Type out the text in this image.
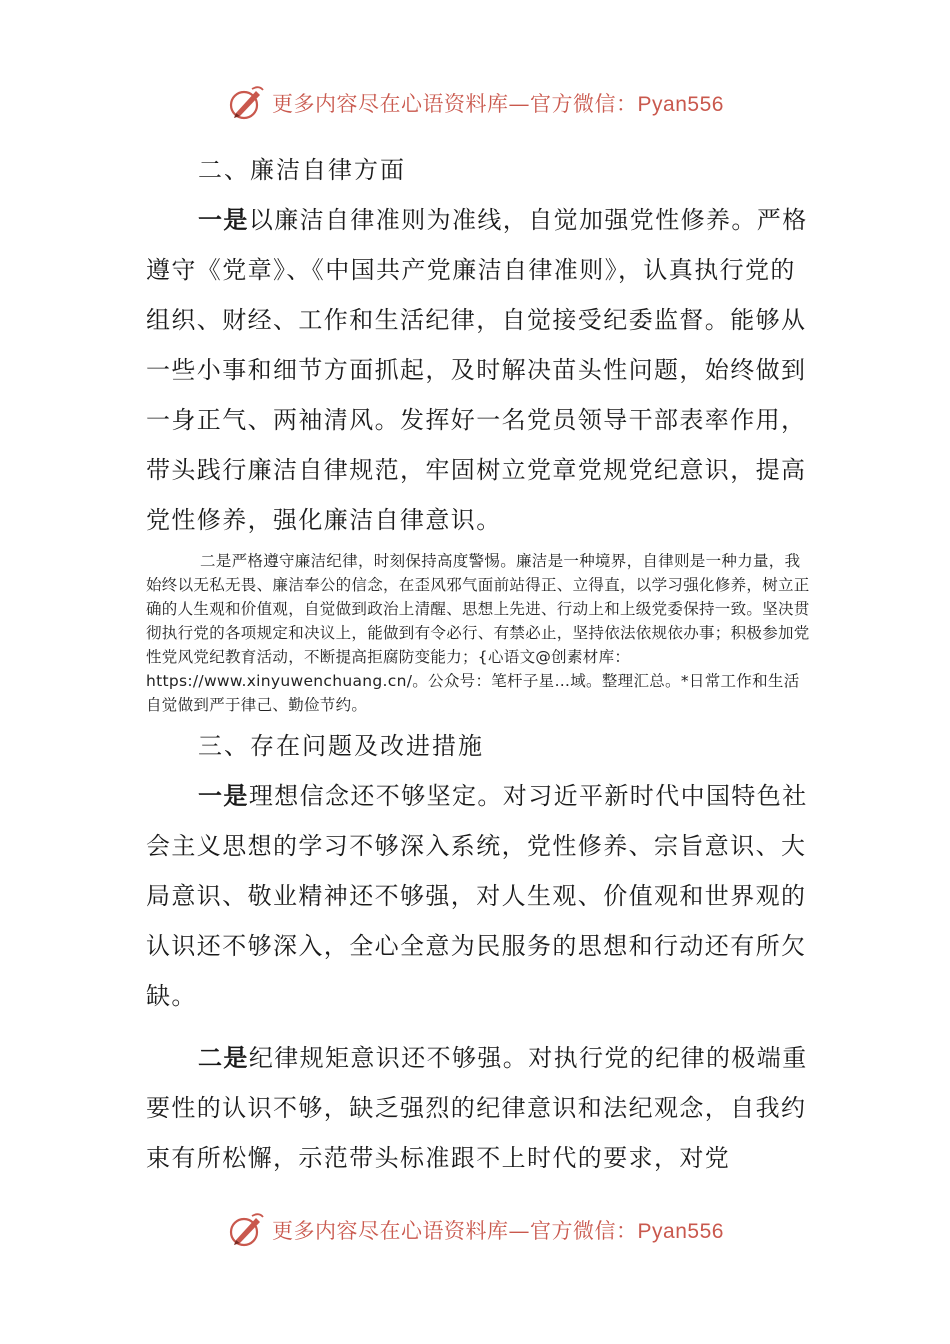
更多内容尽在心语资料库—官方微信：Pyan556

二、廉洁自律方面

一是以廉洁自律准则为准线，自觉加强党性修养。严格遵守《党章》、《中国共产党廉洁自律准则》，认真执行党的组织、财经、工作和生活纪律，自觉接受纪委监督。能够从一些小事和细节方面抓起，及时解决苗头性问题，始终做到一身正气、两袖清风。发挥好一名党员领导干部表率作用，带头践行廉洁自律规范，牢固树立党章党规党纪意识，提高党性修养，强化廉洁自律意识。

二是严格遵守廉洁纪律，时刻保持高度警惕。廉洁是一种境界，自律则是一种力量，我始终以无私无畏、廉洁奉公的信念，在歪风邪气面前站得正、立得直，以学习强化修养，树立正确的人生观和价值观，自觉做到政治上清醒、思想上先进、行动上和上级党委保持一致。坚决贯彻执行党的各项规定和决议上，能做到有令必行、有禁必止，坚持依法依规依办事；积极参加党性党风党纪教育活动，不断提高拒腐防变能力；{心语文@创素材库：https://www.xinyuwenchuang.cn/。公众号：笔杆子星…域。整理汇总。*日常工作和生活自觉做到严于律己、勤俭节约。

三、存在问题及改进措施

一是理想信念还不够坚定。对习近平新时代中国特色社会主义思想的学习不够深入系统，党性修养、宗旨意识、大局意识、敬业精神还不够强，对人生观、价值观和世界观的认识还不够深入，全心全意为民服务的思想和行动还有所欠缺。

二是纪律规矩意识还不够强。对执行党的纪律的极端重要性的认识不够，缺乏强烈的纪律意识和法纪观念，自我约束有所松懈，示范带头标准跟不上时代的要求，对党

更多内容尽在心语资料库—官方微信：Pyan556
